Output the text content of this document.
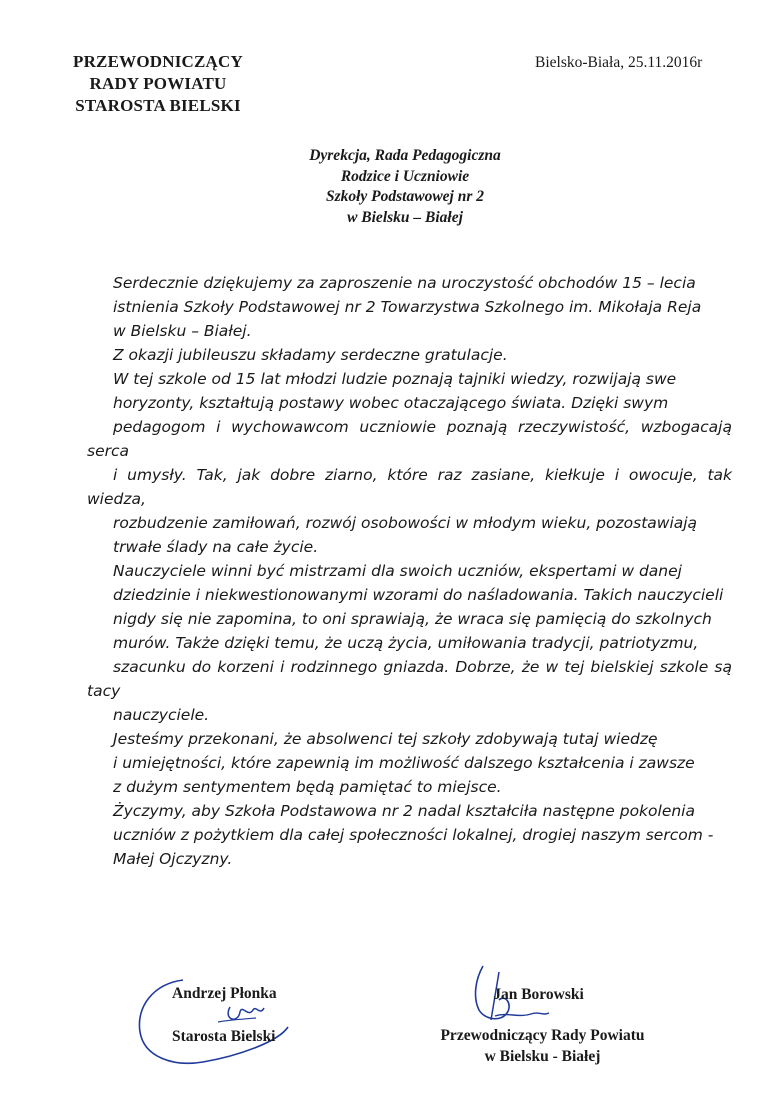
PRZEWODNICZĄCY
RADY POWIATU
STAROSTA BIELSKI
Bielsko-Biała, 25.11.2016r
Dyrekcja, Rada Pedagogiczna
Rodzice i Uczniowie
Szkoły Podstawowej nr 2
w Bielsku – Białej

Serdecznie dziękujemy za zaproszenie na uroczystość obchodów 15 – lecia
istnienia Szkoły Podstawowej nr 2 Towarzystwa Szkolnego im. Mikołaja Reja
w Bielsku – Białej.

Z okazji jubileuszu składamy serdeczne gratulacje.

W tej szkole od 15 lat młodzi ludzie poznają tajniki wiedzy, rozwijają swe
horyzonty, kształtują postawy wobec otaczającego świata. Dzięki swym
pedagogom i wychowawcom uczniowie poznają rzeczywistość, wzbogacają serca
i umysły. Tak, jak dobre ziarno, które raz zasiane, kiełkuje i owocuje, tak wiedza,
rozbudzenie zamiłowań, rozwój osobowości w młodym wieku, pozostawiają
trwałe ślady na całe życie.

Nauczyciele winni być mistrzami dla swoich uczniów, ekspertami w danej
dziedzinie i niekwestionowanymi wzorami do naśladowania. Takich nauczycieli
nigdy się nie zapomina, to oni sprawiają, że wraca się pamięcią do szkolnych
murów. Także dzięki temu, że uczą życia, umiłowania tradycji, patriotyzmu,
szacunku do korzeni i rodzinnego gniazda. Dobrze, że w tej bielskiej szkole są tacy
nauczyciele.

Jesteśmy przekonani, że absolwenci tej szkoły zdobywają tutaj wiedzę
i umiejętności, które zapewnią im możliwość dalszego kształcenia i zawsze
z dużym sentymentem będą pamiętać to miejsce.

Życzymy, aby Szkoła Podstawowa nr 2 nadal kształciła następne pokolenia
uczniów z pożytkiem dla całej społeczności lokalnej, drogiej naszym sercom -
Małej Ojczyzny.

Andrzej Płonka
Starosta Bielski
Jan Borowski
Przewodniczący Rady Powiatu
w Bielsku - Białej
